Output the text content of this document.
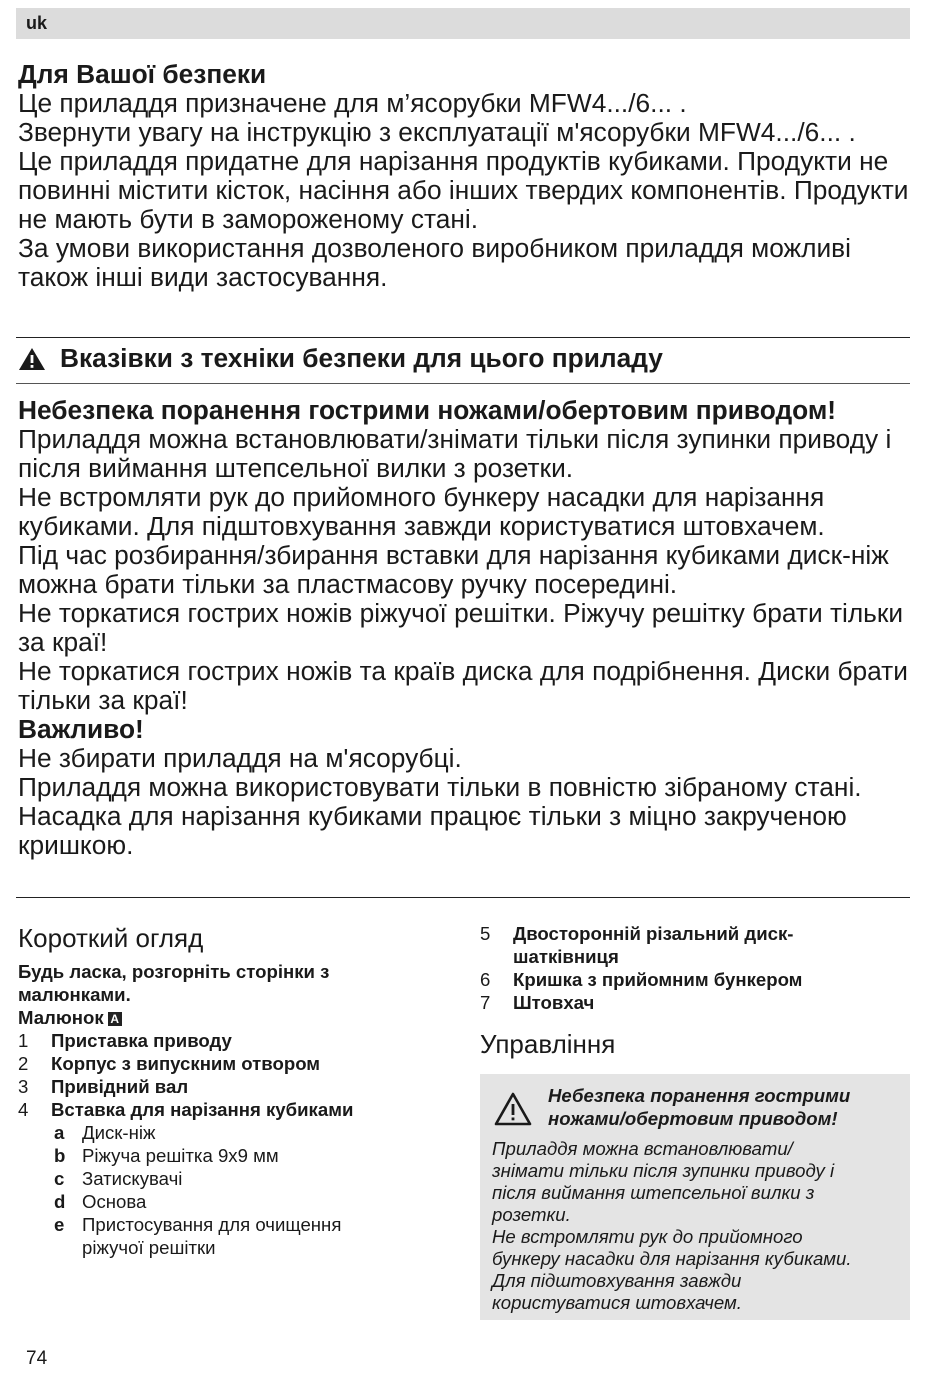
uk
Для Вашої безпеки

Це приладдя призначене для м’ясорубки MFW4.../6... .

Звернути увагу на інструкцію з експлуатації м'ясорубки MFW4.../6... .

Це приладдя придатне для нарізання продуктів кубиками. Продукти не повинні містити кісток, насіння або інших твердих компонентів. Продукти не мають бути в замороженому стані.

За умови використання дозволеного виробником приладдя можливі також інші види застосування.

Вказівки з техніки безпеки для цього приладу
Небезпека поранення гострими ножами/обертовим приводом!

Приладдя можна встановлювати/знімати тільки після зупинки приводу і після виймання штепсельної вилки з розетки.

Не встромляти рук до прийомного бункеру насадки для нарізання кубиками. Для підштовхування завжди користуватися штовхачем.

Під час розбирання/збирання вставки для нарізання кубиками диск-ніж можна брати тільки за пластмасову ручку посередині.

Не торкатися гострих ножів ріжучої решітки. Ріжучу решітку брати тільки за краї!

Не торкатися гострих ножів та країв диска для подрібнення. Диски брати тільки за краї!

Важливо!

Не збирати приладдя на м'ясорубці.

Приладдя можна використовувати тільки в повністю зібраному стані.

Насадка для нарізання кубиками працює тільки з міцно закрученою кришкою.

Короткий огляд
Будь ласка, розгорніть сторінки з малюнками.
Малюнок A
1	Приставка приводу
2	Корпус з випускним отвором
3	Привідний вал
4	Вставка для нарізання кубиками
a Диск-ніж
b Ріжуча решітка 9x9 мм
c Затискувачі
d Основа
e Пристосування для очищення ріжучої решітки
5	Двосторонній різальний диск-шатківниця
6	Кришка з прийомним бункером
7	Штовхач
Управління
Небезпека поранення гострими ножами/обертовим приводом!

Приладдя можна встановлювати/ знімати тільки після зупинки приводу і після виймання штепсельної вилки з розетки.

Не встромляти рук до прийомного бункеру насадки для нарізання кубиками. Для підштовхування завжди користуватися штовхачем.

74
